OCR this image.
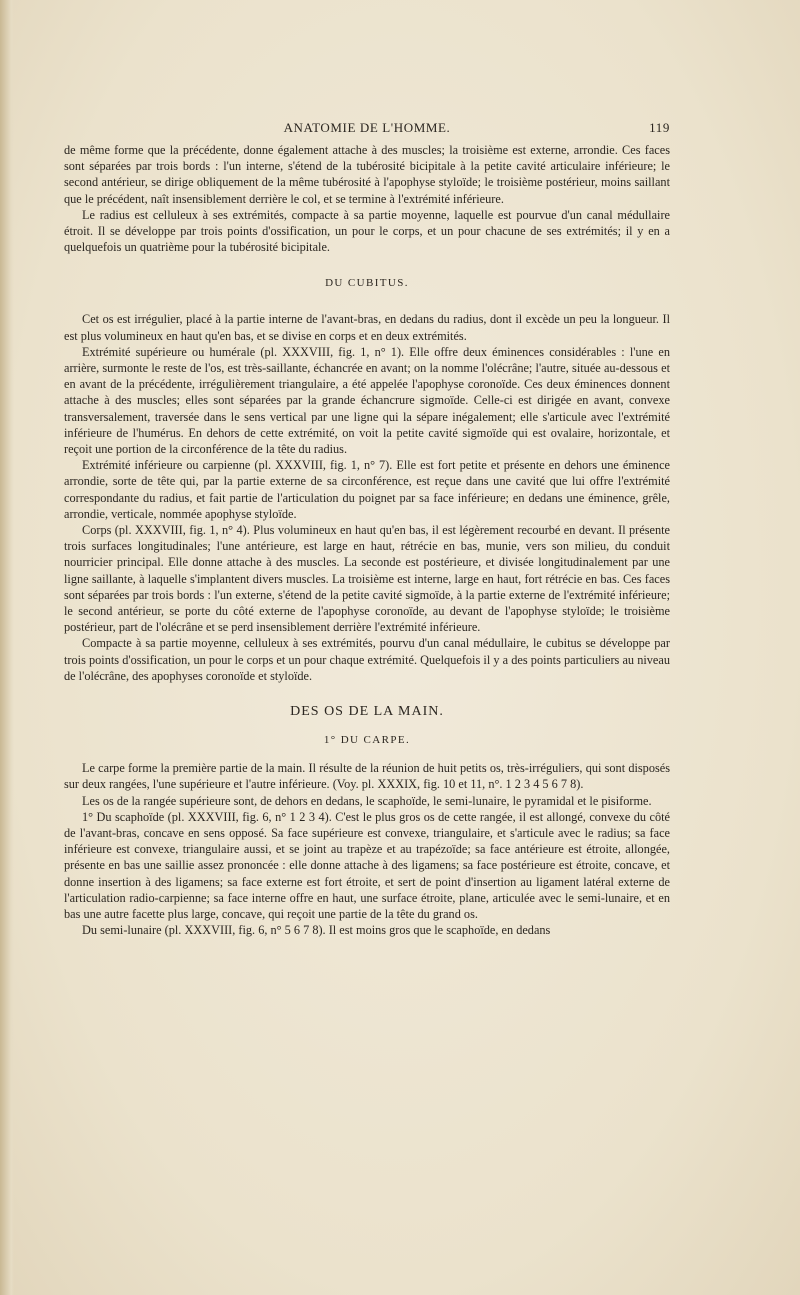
ANATOMIE DE L'HOMME.	119

de même forme que la précédente, donne également attache à des muscles; la troisième est externe, arrondie. Ces faces sont séparées par trois bords : l'un interne, s'étend de la tubérosité bicipitale à la petite cavité articulaire inférieure; le second antérieur, se dirige obliquement de la même tubérosité à l'apophyse styloïde; le troisième postérieur, moins saillant que le précédent, naît insensiblement derrière le col, et se termine à l'extrémité inférieure.

Le radius est celluleux à ses extrémités, compacte à sa partie moyenne, laquelle est pourvue d'un canal médullaire étroit. Il se développe par trois points d'ossification, un pour le corps, et un pour chacune de ses extrémités; il y en a quelquefois un quatrième pour la tubérosité bicipitale.

DU CUBITUS.

Cet os est irrégulier, placé à la partie interne de l'avant-bras, en dedans du radius, dont il excède un peu la longueur. Il est plus volumineux en haut qu'en bas, et se divise en corps et en deux extrémités.

Extrémité supérieure ou humérale (pl. XXXVIII, fig. 1, n° 1). Elle offre deux éminences considérables : l'une en arrière, surmonte le reste de l'os, est très-saillante, échancrée en avant; on la nomme l'olécrâne; l'autre, située au-dessous et en avant de la précédente, irrégulièrement triangulaire, a été appelée l'apophyse coronoïde. Ces deux éminences donnent attache à des muscles; elles sont séparées par la grande échancrure sigmoïde. Celle-ci est dirigée en avant, convexe transversalement, traversée dans le sens vertical par une ligne qui la sépare inégalement; elle s'articule avec l'extrémité inférieure de l'humérus. En dehors de cette extrémité, on voit la petite cavité sigmoïde qui est ovalaire, horizontale, et reçoit une portion de la circonférence de la tête du radius.

Extrémité inférieure ou carpienne (pl. XXXVIII, fig. 1, n° 7). Elle est fort petite et présente en dehors une éminence arrondie, sorte de tête qui, par la partie externe de sa circonférence, est reçue dans une cavité que lui offre l'extrémité correspondante du radius, et fait partie de l'articulation du poignet par sa face inférieure; en dedans une éminence, grêle, arrondie, verticale, nommée apophyse styloïde.

Corps (pl. XXXVIII, fig. 1, n° 4). Plus volumineux en haut qu'en bas, il est légèrement recourbé en devant. Il présente trois surfaces longitudinales; l'une antérieure, est large en haut, rétrécie en bas, munie, vers son milieu, du conduit nourricier principal. Elle donne attache à des muscles. La seconde est postérieure, et divisée longitudinalement par une ligne saillante, à laquelle s'implantent divers muscles. La troisième est interne, large en haut, fort rétrécie en bas. Ces faces sont séparées par trois bords : l'un externe, s'étend de la petite cavité sigmoïde, à la partie externe de l'extrémité inférieure; le second antérieur, se porte du côté externe de l'apophyse coronoïde, au devant de l'apophyse styloïde; le troisième postérieur, part de l'olécrâne et se perd insensiblement derrière l'extrémité inférieure.

Compacte à sa partie moyenne, celluleux à ses extrémités, pourvu d'un canal médullaire, le cubitus se développe par trois points d'ossification, un pour le corps et un pour chaque extrémité. Quelquefois il y a des points particuliers au niveau de l'olécrâne, des apophyses coronoïde et styloïde.

DES OS DE LA MAIN.
1° DU CARPE.

Le carpe forme la première partie de la main. Il résulte de la réunion de huit petits os, très-irréguliers, qui sont disposés sur deux rangées, l'une supérieure et l'autre inférieure. (Voy. pl. XXXIX, fig. 10 et 11, n°. 1 2 3 4 5 6 7 8).

Les os de la rangée supérieure sont, de dehors en dedans, le scaphoïde, le semi-lunaire, le pyramidal et le pisiforme.

1° Du scaphoïde (pl. XXXVIII, fig. 6, n° 1 2 3 4). C'est le plus gros os de cette rangée, il est allongé, convexe du côté de l'avant-bras, concave en sens opposé. Sa face supérieure est convexe, triangulaire, et s'articule avec le radius; sa face inférieure est convexe, triangulaire aussi, et se joint au trapèze et au trapézoïde; sa face antérieure est étroite, allongée, présente en bas une saillie assez prononcée : elle donne attache à des ligamens; sa face postérieure est étroite, concave, et donne insertion à des ligamens; sa face externe est fort étroite, et sert de point d'insertion au ligament latéral externe de l'articulation radio-carpienne; sa face interne offre en haut, une surface étroite, plane, articulée avec le semi-lunaire, et en bas une autre facette plus large, concave, qui reçoit une partie de la tête du grand os.

Du semi-lunaire (pl. XXXVIII, fig. 6, n° 5 6 7 8). Il est moins gros que le scaphoïde, en dedans
